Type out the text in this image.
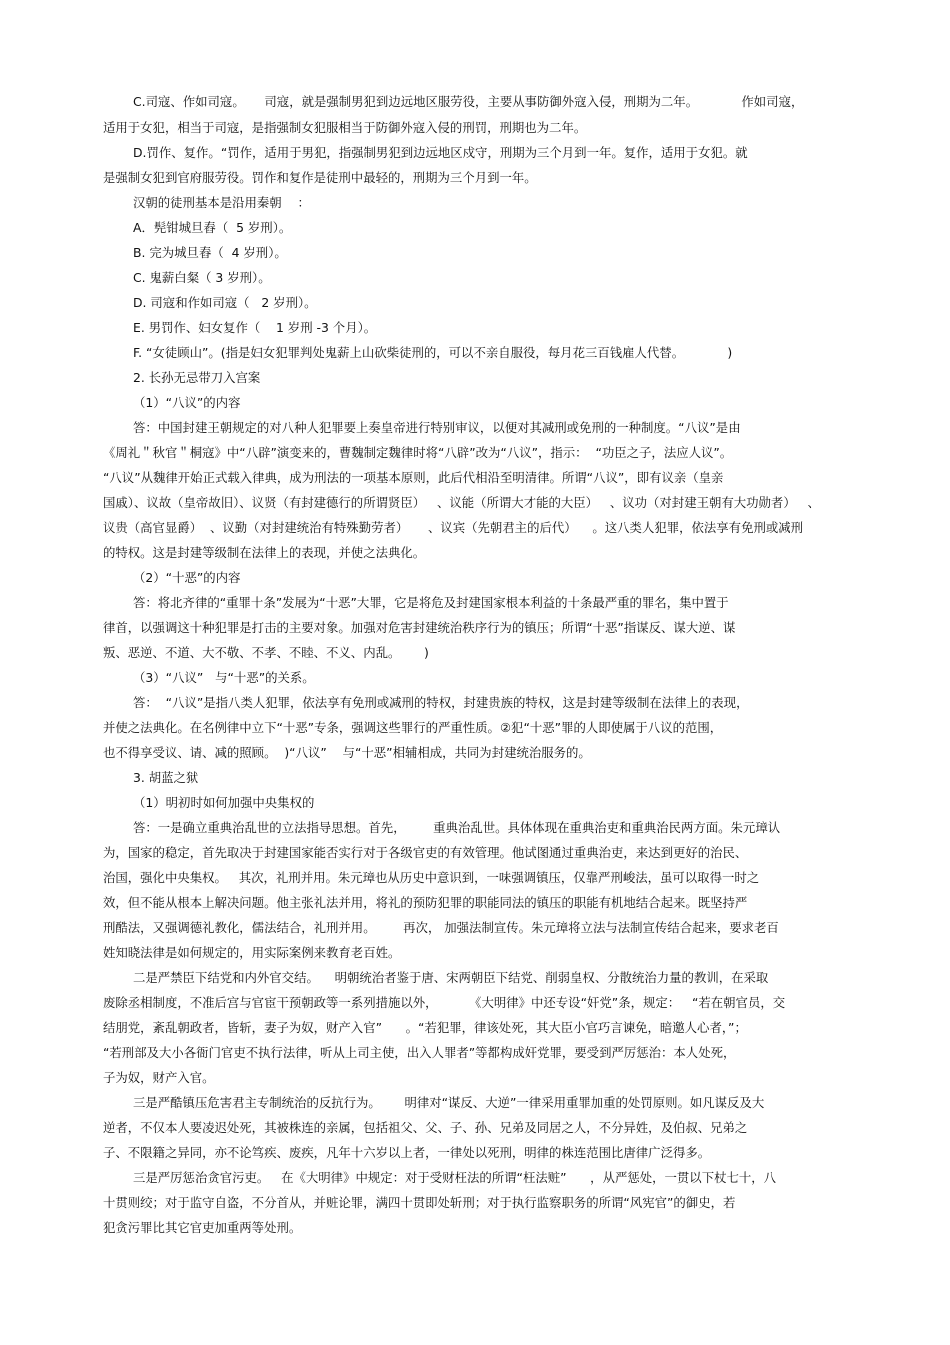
C.司寇、作如司寇。     司寇，就是强制男犯到边远地区服劳役，主要从事防御外寇入侵，刑期为二年。           作如司寇，
适用于女犯，相当于司寇，是指强制女犯服相当于防御外寇入侵的刑罚，刑期也为二年。
D.罚作、复作。“罚作，适用于男犯，指强制男犯到边远地区戍守，刑期为三个月到一年。复作，适用于女犯。就
是强制女犯到官府服劳役。罚作和复作是徒刑中最轻的，刑期为三个月到一年。
汉朝的徒刑基本是沿用秦朝    ：
A．髡钳城旦舂（  5 岁刑）。
B. 完为城旦舂（  4 岁刑）。
C. 鬼薪白粲（ 3 岁刑）。
D. 司寇和作如司寇（   2 岁刑）。
E. 男罚作、妇女复作（    1 岁刑 -3 个月）。
F. “女徒顾山”。(指是妇女犯罪判处鬼薪上山砍柴徒刑的，可以不亲自服役，每月花三百钱雇人代替。           )
2. 长孙无忌带刀入宫案
（1）“八议”的内容
答：中国封建王朝规定的对八种人犯罪要上奏皇帝进行特别审议，以便对其减刑或免刑的一种制度。“八议”是由
《周礼＂秋官＂桐寇》中“八辟”演变来的，曹魏制定魏律时将“八辟”改为“八议”，指示：  “功臣之子，法应人议”。
“八议”从魏律开始正式载入律典，成为刑法的一项基本原则，此后代相沿至明清律。所谓“八议”，即有议亲（皇亲
国戚）、议故（皇帝故旧）、议贤（有封建德行的所谓贤臣）   、议能（所谓大才能的大臣）   、议功（对封建王朝有大功勋者）   、
议贵（高官显爵）  、议勤（对封建统治有特殊勤劳者）     、议宾（先朝君主的后代）    。这八类人犯罪，依法享有免刑或减刑
的特权。这是封建等级制在法律上的表现，并使之法典化。
（2）“十恶”的内容
答：将北齐律的“重罪十条”发展为“十恶”大罪，它是将危及封建国家根本利益的十条最严重的罪名，集中置于
律首，以强调这十种犯罪是打击的主要对象。加强对危害封建统治秩序行为的镇压；所谓“十恶”指谋反、谋大逆、谋
叛、恶逆、不道、大不敬、不孝、不睦、不义、内乱。      )
（3）“八议”   与“十恶”的关系。
答：  “八议”是指八类人犯罪，依法享有免刑或减刑的特权，封建贵族的特权，这是封建等级制在法律上的表现，
并使之法典化。在名例律中立下“十恶”专条，强调这些罪行的严重性质。②犯“十恶”罪的人即使属于八议的范围，
也不得享受议、请、减的照顾。  )“八议”    与“十恶”相辅相成，共同为封建统治服务的。
3. 胡蓝之狱
（1）明初时如何加强中央集权的
答：一是确立重典治乱世的立法指导思想。首先，       重典治乱世。具体体现在重典治吏和重典治民两方面。朱元璋认
为，国家的稳定，首先取决于封建国家能否实行对于各级官吏的有效管理。他试图通过重典治吏，来达到更好的治民、
治国，强化中央集权。   其次，礼刑并用。朱元璋也从历史中意识到，一味强调镇压，仅靠严刑峻法，虽可以取得一时之
效，但不能从根本上解决问题。他主张礼法并用，将礼的预防犯罪的职能同法的镇压的职能有机地结合起来。既坚持严
刑酷法，又强调德礼教化，儒法结合，礼刑并用。       再次， 加强法制宣传。朱元璋将立法与法制宣传结合起来，要求老百
姓知晓法律是如何规定的，用实际案例来教育老百姓。
二是严禁臣下结党和内外官交结。    明朝统治者鉴于唐、宋两朝臣下结党、削弱皇权、分散统治力量的教训，在采取
废除丞相制度，不准后宫与官宦干预朝政等一系列措施以外，        《大明律》中还专设“奸党”条，规定：   “若在朝官员，交
结朋党，紊乱朝政者，皆斩，妻子为奴，财产入官”      。“若犯罪，律该处死，其大臣小官巧言谏免，暗邀人心者，”；
“若刑部及大小各衙门官吏不执行法律，听从上司主使，出入人罪者”等都构成奸党罪，要受到严厉惩治：本人处死，
子为奴，财产入官。
三是严酷镇压危害君主专制统治的反抗行为。      明律对“谋反、大逆”一律采用重罪加重的处罚原则。如凡谋反及大
逆者，不仅本人要凌迟处死，其被株连的亲属，包括祖父、父、子、孙、兄弟及同居之人，不分异姓，及伯叔、兄弟之
子、不限籍之异同，亦不论笃疾、废疾，凡年十六岁以上者，一律处以死刑，明律的株连范围比唐律广泛得多。
三是严厉惩治贪官污吏。   在《大明律》中规定：对于受财枉法的所谓“枉法赃”      ，从严惩处，一贯以下杖七十，八
十贯则绞；对于监守自盗，不分首从，并赃论罪，满四十贯即处斩刑；对于执行监察职务的所谓“风宪官”的御史，若
犯贪污罪比其它官吏加重两等处刑。
